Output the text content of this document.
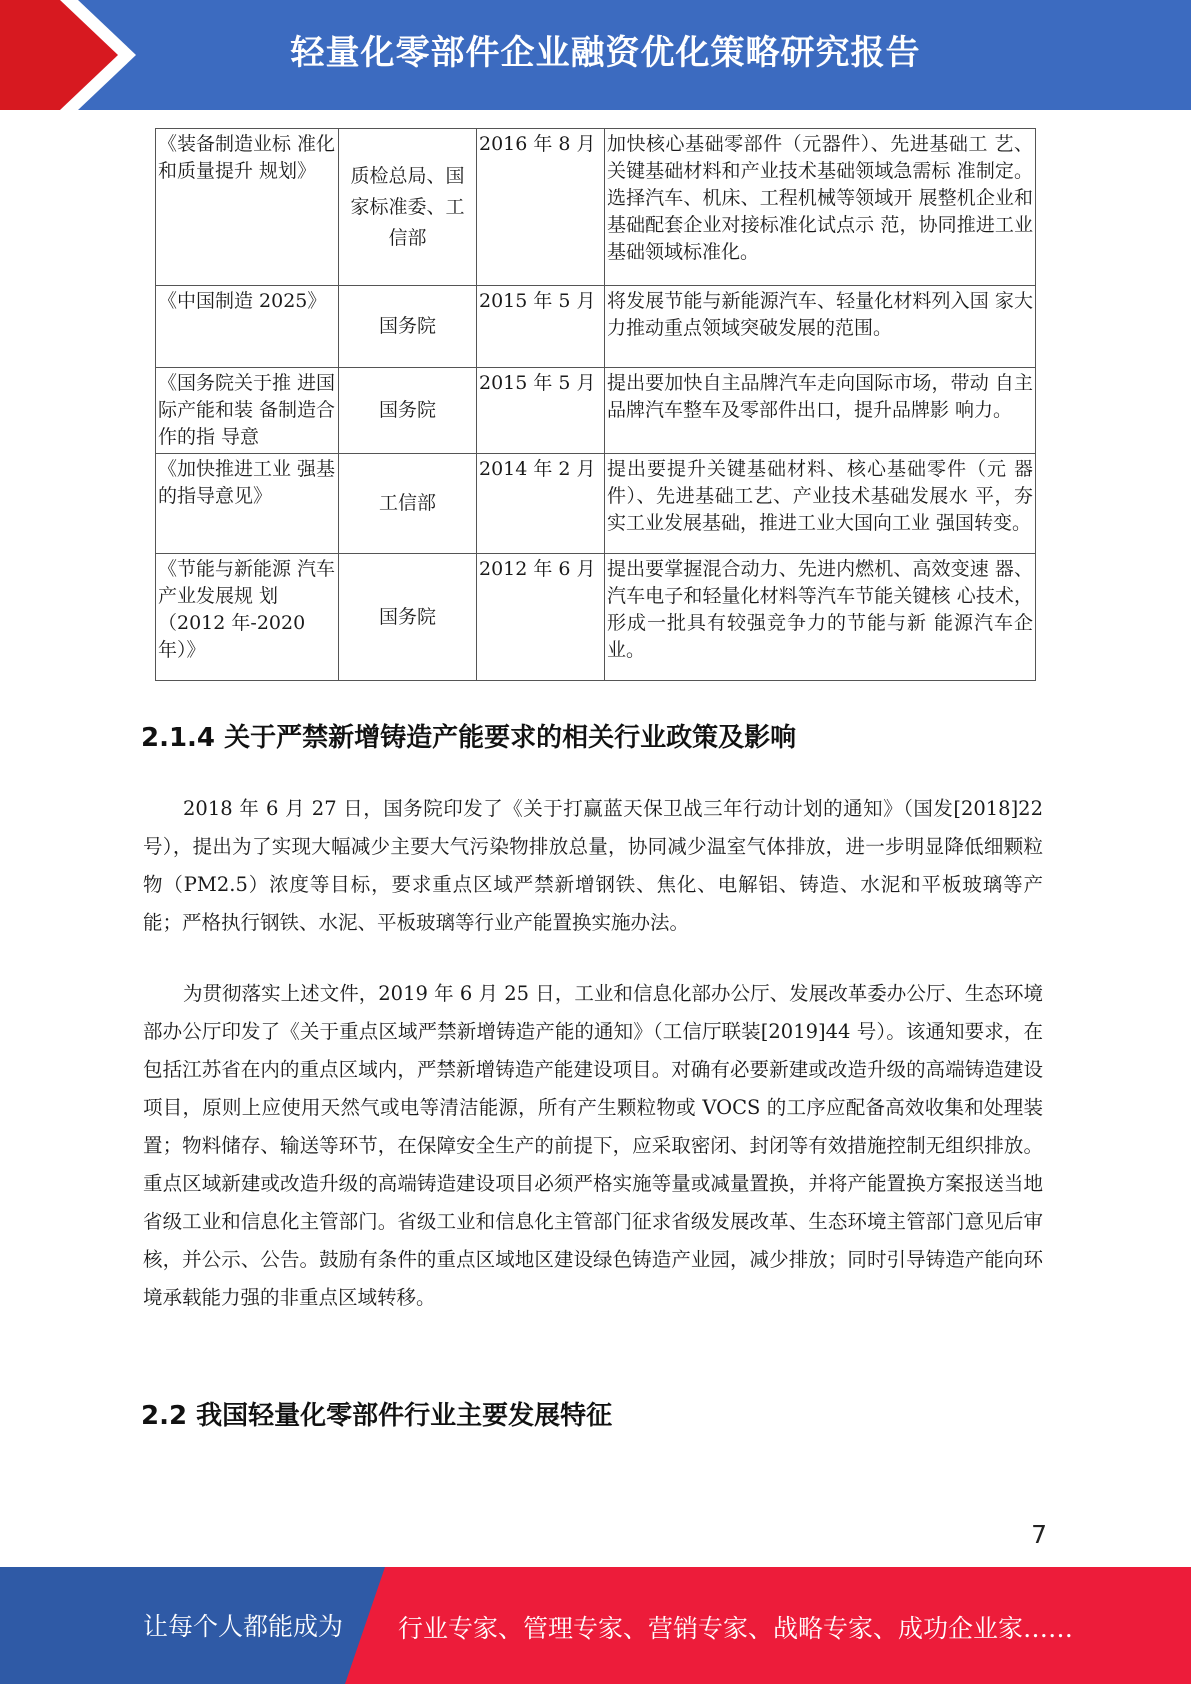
轻量化零部件企业融资优化策略研究报告
《装备制造业标 准化和质量提升 规划》	质检总局、国家标准委、工信部	2016 年 8 月	加快核心基础零部件（元器件）、先进基础工 艺、关键基础材料和产业技术基础领域急需标 准制定。选择汽车、机床、工程机械等领域开 展整机企业和基础配套企业对接标准化试点示 范，协同推进工业基础领域标准化。
《中国制造 2025》	国务院	2015 年 5 月	将发展节能与新能源汽车、轻量化材料列入国 家大力推动重点领域突破发展的范围。
《国务院关于推 进国际产能和装 备制造合作的指 导意	国务院	2015 年 5 月	提出要加快自主品牌汽车走向国际市场，带动 自主品牌汽车整车及零部件出口，提升品牌影 响力。
《加快推进工业 强基的指导意见》	工信部	2014 年 2 月	提出要提升关键基础材料、核心基础零件（元 器件）、先进基础工艺、产业技术基础发展水 平，夯实工业发展基础，推进工业大国向工业 强国转变。
《节能与新能源 汽车产业发展规 划（2012 年-2020 年）》	国务院	2012 年 6 月	提出要掌握混合动力、先进内燃机、高效变速 器、汽车电子和轻量化材料等汽车节能关键核 心技术，形成一批具有较强竞争力的节能与新 能源汽车企业。
2.1.4 关于严禁新增铸造产能要求的相关行业政策及影响

2018 年 6 月 27 日，国务院印发了《关于打赢蓝天保卫战三年行动计划的通知》（国发[2018]22 号），提出为了实现大幅减少主要大气污染物排放总量，协同减少温室气体排放，进一步明显降低细颗粒物（PM2.5）浓度等目标，要求重点区域严禁新增钢铁、焦化、电解铝、铸造、水泥和平板玻璃等产能；严格执行钢铁、水泥、平板玻璃等行业产能置换实施办法。

为贯彻落实上述文件，2019 年 6 月 25 日，工业和信息化部办公厅、发展改革委办公厅、生态环境部办公厅印发了《关于重点区域严禁新增铸造产能的通知》（工信厅联装[2019]44 号）。该通知要求，在包括江苏省在内的重点区域内，严禁新增铸造产能建设项目。对确有必要新建或改造升级的高端铸造建设项目，原则上应使用天然气或电等清洁能源，所有产生颗粒物或 VOCS 的工序应配备高效收集和处理装置；物料储存、输送等环节，在保障安全生产的前提下，应采取密闭、封闭等有效措施控制无组织排放。重点区域新建或改造升级的高端铸造建设项目必须严格实施等量或减量置换，并将产能置换方案报送当地省级工业和信息化主管部门。省级工业和信息化主管部门征求省级发展改革、生态环境主管部门意见后审核，并公示、公告。鼓励有条件的重点区域地区建设绿色铸造产业园，减少排放；同时引导铸造产能向环境承载能力强的非重点区域转移。

2.2 我国轻量化零部件行业主要发展特征
7
让每个人都能成为 行业专家、管理专家、营销专家、战略专家、成功企业家……
